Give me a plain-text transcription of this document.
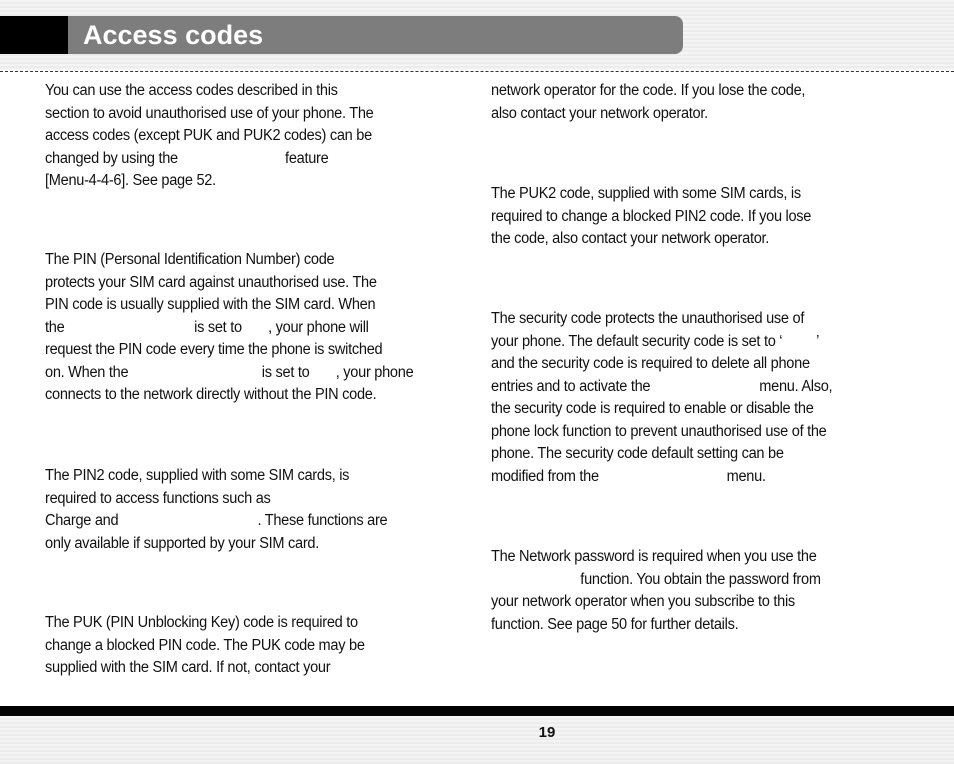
Access codes
You can use the access codes described in this
section to avoid unauthorised use of your phone. The
access codes (except PUK and PUK2 codes) can be
changed by using the	feature
[Menu-4-4-6]. See page 52.
The PIN (Personal Identification Number) code
protects your SIM card against unauthorised use. The
PIN code is usually supplied with the SIM card. When
the	is set to , your phone will
request the PIN code every time the phone is switched
on. When the	is set to , your phone
connects to the network directly without the PIN code.
The PIN2 code, supplied with some SIM cards, is
required to access functions such as
Charge and	. These functions are
only available if supported by your SIM card.
The PUK (PIN Unblocking Key) code is required to
change a blocked PIN code. The PUK code may be
supplied with the SIM card. If not, contact your
network operator for the code. If you lose the code,
also contact your network operator.
The PUK2 code, supplied with some SIM cards, is
required to change a blocked PIN2 code. If you lose
the code, also contact your network operator.
The security code protects the unauthorised use of
your phone. The default security code is set to ‘ ’
and the security code is required to delete all phone
entries and to activate the	menu. Also,
the security code is required to enable or disable the
phone lock function to prevent unauthorised use of the
phone. The security code default setting can be
modified from the	menu.
The Network password is required when you use the
function. You obtain the password from
your network operator when you subscribe to this
function. See page 50 for further details.
19
